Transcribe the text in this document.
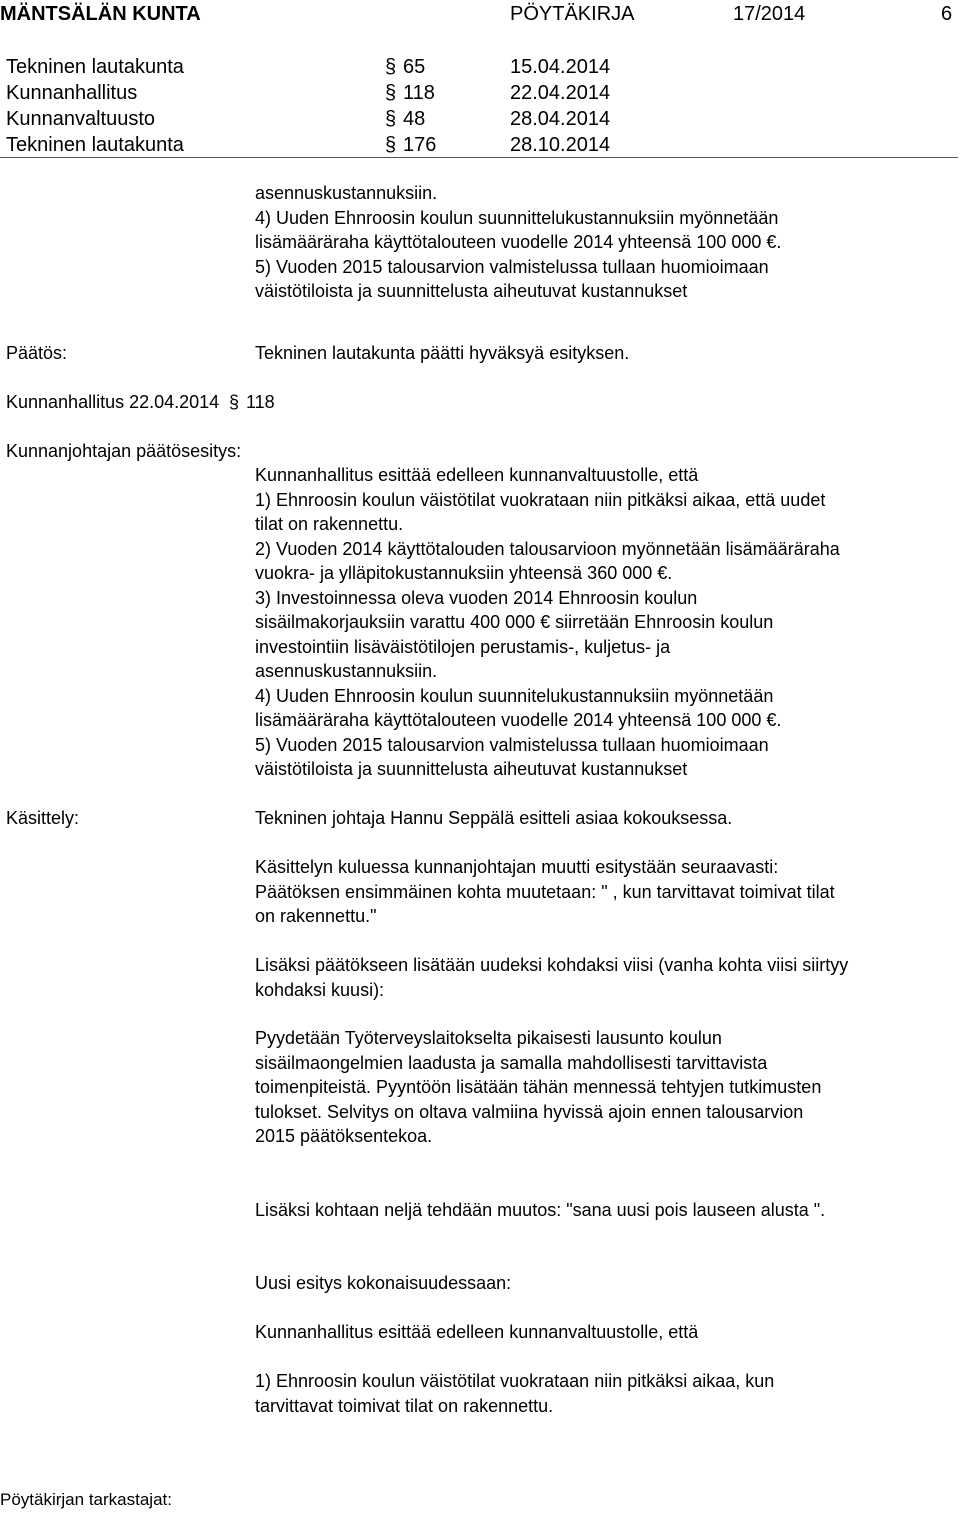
MÄNTSÄLÄN KUNTA	PÖYTÄKIRJA	17/2014	6
Tekninen lautakunta	§ 65	15.04.2014
Kunnanhallitus	§ 118	22.04.2014
Kunnanvaltuusto	§ 48	28.04.2014
Tekninen lautakunta	§ 176	28.10.2014
asennuskustannuksiin.
4) Uuden Ehnroosin koulun suunnittelukustannuksiin myönnetään
lisämääräraha käyttötalouteen vuodelle 2014 yhteensä 100 000 €.
5) Vuoden 2015 talousarvion valmistelussa tullaan huomioimaan
väistötiloista ja suunnittelusta aiheutuvat kustannukset
Päätös:	Tekninen lautakunta päätti hyväksyä esityksen.
Kunnanhallitus 22.04.2014 § 118
Kunnanjohtajan päätösesitys:
Kunnanhallitus esittää edelleen kunnanvaltuustolle, että
1) Ehnroosin koulun väistötilat vuokrataan niin pitkäksi aikaa, että uudet
tilat on rakennettu.
2) Vuoden 2014 käyttötalouden talousarvioon myönnetään lisämääräraha
vuokra- ja ylläpitokustannuksiin yhteensä 360 000 €.
3) Investoinnessa oleva vuoden 2014 Ehnroosin koulun
sisäilmakorjauksiin varattu 400 000 € siirretään Ehnroosin koulun
investointiin lisäväistötilojen perustamis-, kuljetus- ja
asennuskustannuksiin.
4) Uuden Ehnroosin koulun suunnitelukustannuksiin myönnetään
lisämääräraha käyttötalouteen vuodelle 2014 yhteensä 100 000 €.
5) Vuoden 2015 talousarvion valmistelussa tullaan huomioimaan
väistötiloista ja suunnittelusta aiheutuvat kustannukset
Käsittely:	Tekninen johtaja Hannu Seppälä esitteli asiaa kokouksessa.
Käsittelyn kuluessa kunnanjohtajan muutti esitystään seuraavasti:
Päätöksen ensimmäinen kohta muutetaan: " , kun tarvittavat toimivat tilat
on rakennettu."
Lisäksi päätökseen lisätään uudeksi kohdaksi viisi (vanha kohta viisi siirtyy
kohdaksi kuusi):
Pyydetään Työterveyslaitokselta pikaisesti lausunto koulun
sisäilmaongelmien laadusta ja samalla mahdollisesti tarvittavista
toimenpiteistä. Pyyntöön lisätään tähän mennessä tehtyjen tutkimusten
tulokset. Selvitys on oltava valmiina hyvissä ajoin ennen talousarvion
2015 päätöksentekoa.
Lisäksi kohtaan neljä tehdään muutos: "sana uusi pois lauseen alusta ".
Uusi esitys kokonaisuudessaan:
Kunnanhallitus esittää edelleen kunnanvaltuustolle, että
1) Ehnroosin koulun väistötilat vuokrataan niin pitkäksi aikaa, kun
tarvittavat toimivat tilat on rakennettu.
Pöytäkirjan tarkastajat:
